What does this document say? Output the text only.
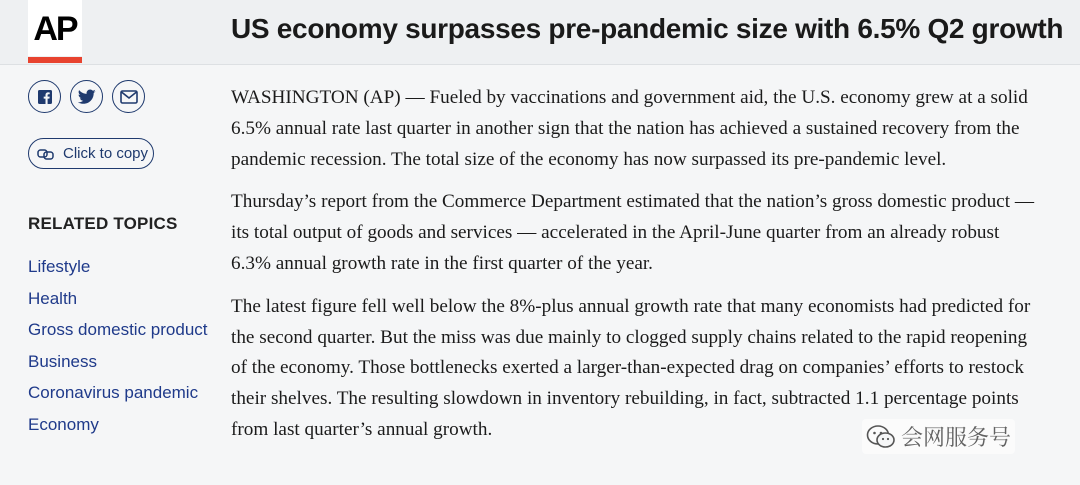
AP	US economy surpasses pre-pandemic size with 6.5% Q2 growth
Click to copy
RELATED TOPICS
Lifestyle
Health
Gross domestic product
Business
Coronavirus pandemic
Economy

WASHINGTON (AP) — Fueled by vaccinations and government aid, the U.S. economy grew at a solid 6.5% annual rate last quarter in another sign that the nation has achieved a sustained recovery from the pandemic recession. The total size of the economy has now surpassed its pre-pandemic level.

Thursday’s report from the Commerce Department estimated that the nation’s gross domestic product — its total output of goods and services — accelerated in the April-June quarter from an already robust 6.3% annual growth rate in the first quarter of the year.

The latest figure fell well below the 8%-plus annual growth rate that many economists had predicted for the second quarter. But the miss was due mainly to clogged supply chains related to the rapid reopening of the economy. Those bottlenecks exerted a larger-than-expected drag on companies’ efforts to restock their shelves. The resulting slowdown in inventory rebuilding, in fact, subtracted 1.1 percentage points from last quarter’s annual growth.	会网服务号
